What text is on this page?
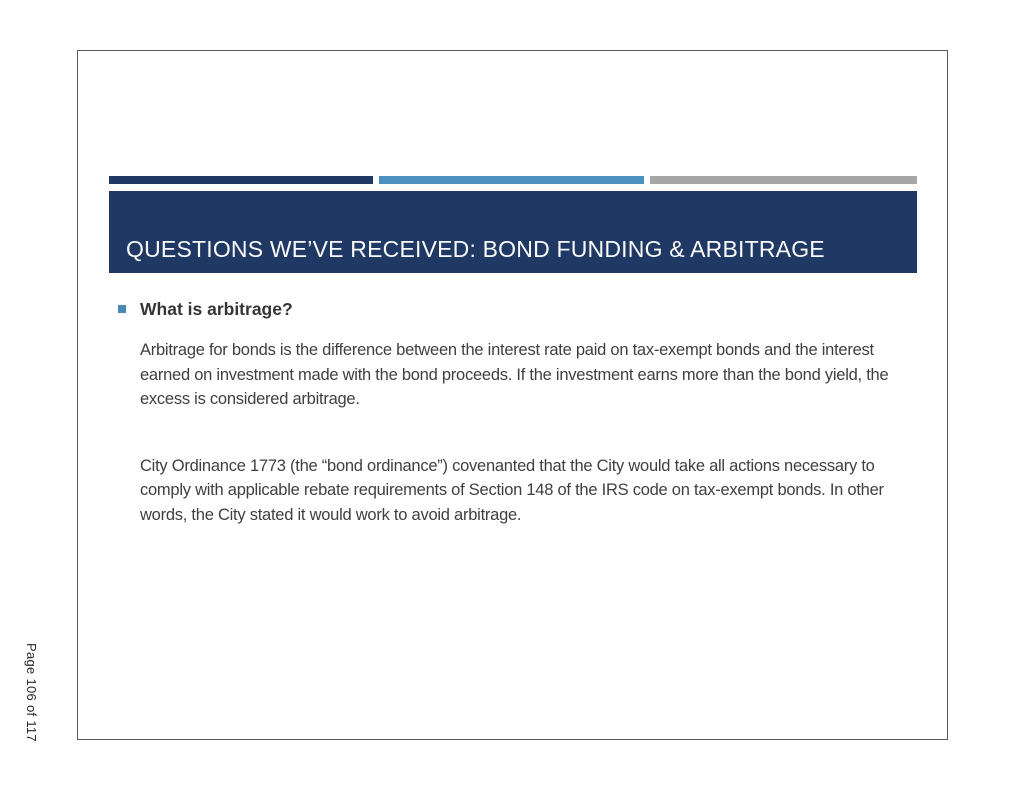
QUESTIONS WE’VE RECEIVED: BOND FUNDING & ARBITRAGE
What is arbitrage?

Arbitrage for bonds is the difference between the interest rate paid on tax-exempt bonds and the interest earned on investment made with the bond proceeds. If the investment earns more than the bond yield, the excess is considered arbitrage.

City Ordinance 1773 (the “bond ordinance”) covenanted that the City would take all actions necessary to comply with applicable rebate requirements of Section 148 of the IRS code on tax-exempt bonds. In other words, the City stated it would work to avoid arbitrage.

Page 106 of 117
